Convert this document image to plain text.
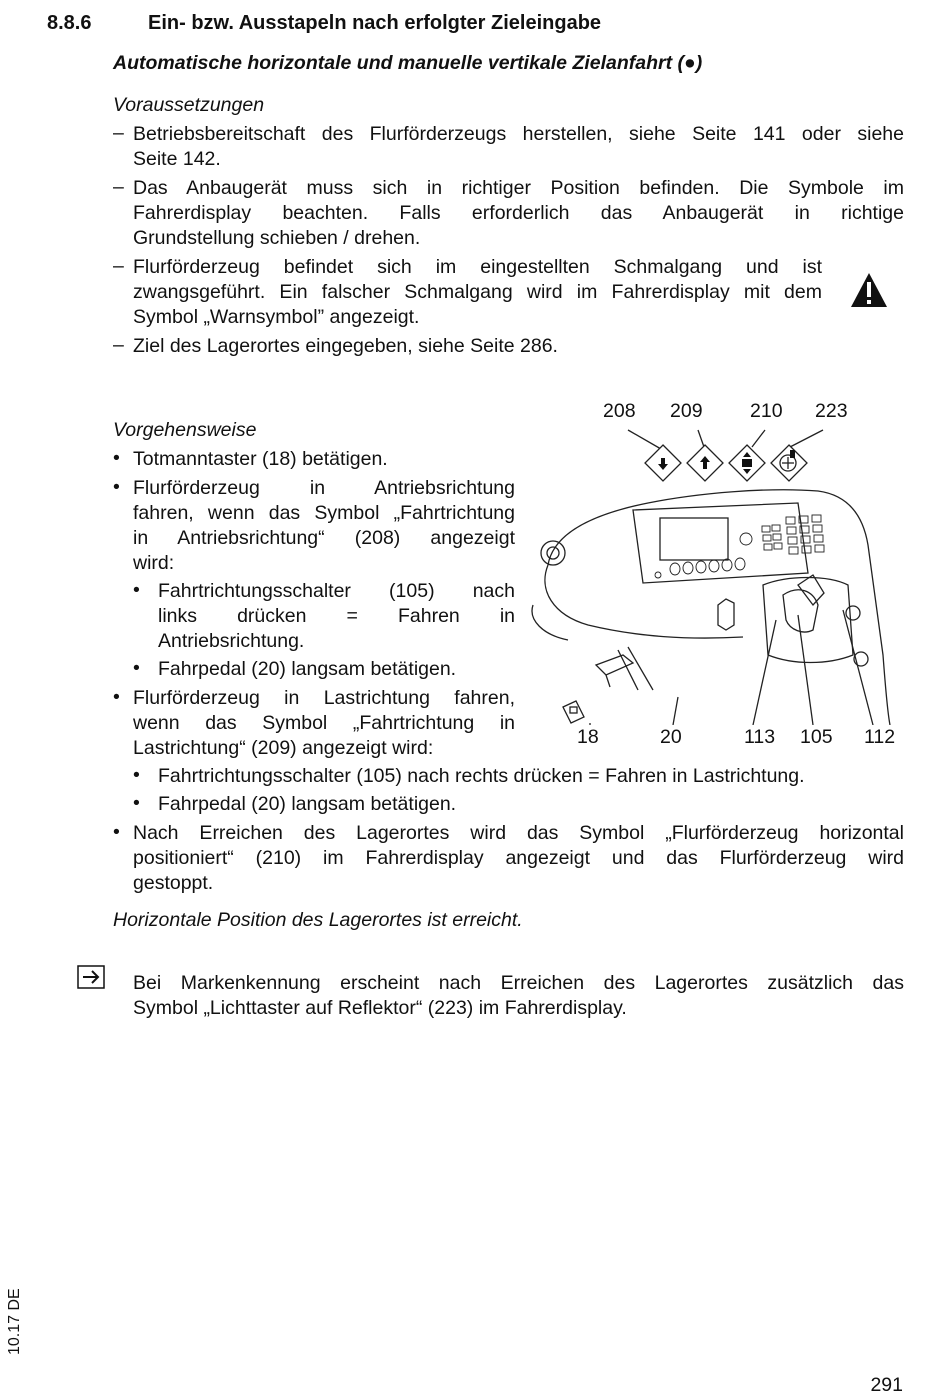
8.8.6	Ein- bzw. Ausstapeln nach erfolgter Zieleingabe
Automatische horizontale und manuelle vertikale Zielanfahrt (●)
Voraussetzungen
– Betriebsbereitschaft des Flurförderzeugs herstellen, siehe Seite 141 oder siehe
Seite 142.
– Das Anbaugerät muss sich in richtiger Position befinden. Die Symbole im
Fahrerdisplay beachten. Falls erforderlich das Anbaugerät in richtige
Grundstellung schieben / drehen.
– Flurförderzeug befindet sich im eingestellten Schmalgang und ist
zwangsgeführt. Ein falscher Schmalgang wird im Fahrerdisplay mit dem
Symbol „Warnsymbol” angezeigt.
– Ziel des Lagerortes eingegeben, siehe Seite 286.
Vorgehensweise
• Totmanntaster (18) betätigen.
• Flurförderzeug in Antriebsrichtung
fahren, wenn das Symbol „Fahrtrichtung
in Antriebsrichtung“ (208) angezeigt
wird:
• Fahrtrichtungsschalter (105) nach
links drücken = Fahren in
Antriebsrichtung.
• Fahrpedal (20) langsam betätigen.
• Flurförderzeug in Lastrichtung fahren,
wenn das Symbol „Fahrtrichtung in
Lastrichtung“ (209) angezeigt wird:
• Fahrtrichtungsschalter (105) nach rechts drücken = Fahren in Lastrichtung.
• Fahrpedal (20) langsam betätigen.
• Nach Erreichen des Lagerortes wird das Symbol „Flurförderzeug horizontal
positioniert“ (210) im Fahrerdisplay angezeigt und das Flurförderzeug wird
gestoppt.
Horizontale Position des Lagerortes ist erreicht.
Bei Markenkennung erscheint nach Erreichen des Lagerortes zusätzlich das
Symbol „Lichttaster auf Reflektor“ (223) im Fahrerdisplay.
208 209 210 223
18	20	113 105 112
10.17 DE
291
